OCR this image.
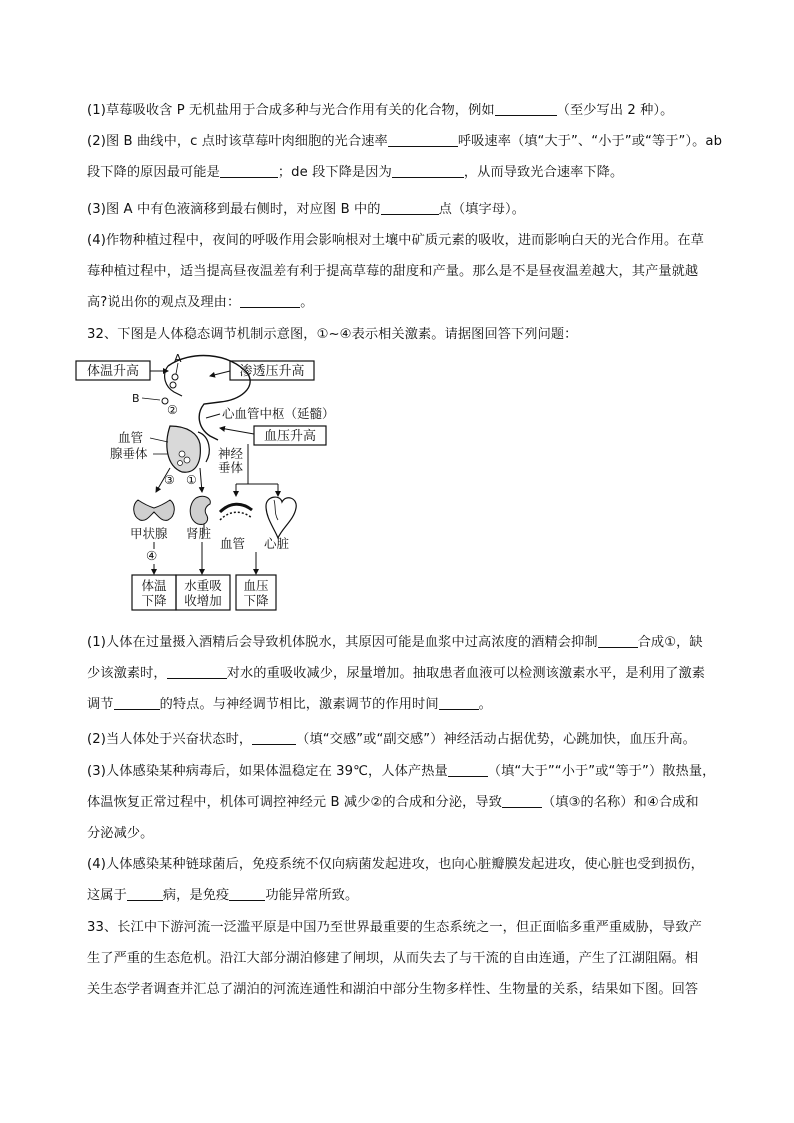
(1)草莓吸收含 P 无机盐用于合成多种与光合作用有关的化合物，例如	（至少写出 2 种）。
(2)图 B 曲线中，c 点时该草莓叶肉细胞的光合速率	呼吸速率（填“大于”、“小于”或“等于”）。ab
段下降的原因最可能是	；de 段下降是因为	，从而导致光合速率下降。
(3)图 A 中有色液滴移到最右侧时，对应图 B 中的	点（填字母）。
(4)作物种植过程中，夜间的呼吸作用会影响根对土壤中矿质元素的吸收，进而影响白天的光合作用。在草
莓种植过程中，适当提高昼夜温差有利于提高草莓的甜度和产量。那么是不是昼夜温差越大，其产量就越
高?说出你的观点及理由：	。
32、下图是人体稳态调节机制示意图，①~④表示相关激素。请据图回答下列问题：
体温升高	渗透压升高
A
B
②	心血管中枢（延髓）
血压升高
血管
腺垂体	神经
垂体
③ ①
甲状腺 肾脏
血管 心脏
④
体温
下降
水重吸
收增加
血压
下降
(1)人体在过量摄入酒精后会导致机体脱水，其原因可能是血浆中过高浓度的酒精会抑制	合成①，缺
少该激素时，	对水的重吸收减少，尿量增加。抽取患者血液可以检测该激素水平，是利用了激素
调节	的特点。与神经调节相比，激素调节的作用时间	。
(2)当人体处于兴奋状态时，	（填“交感”或“副交感”）神经活动占据优势，心跳加快，血压升高。
(3)人体感染某种病毒后，如果体温稳定在 39℃，人体产热量	（填“大于”“小于”或“等于”）散热量，
体温恢复正常过程中，机体可调控神经元 B 减少②的合成和分泌，导致	（填③的名称）和④合成和
分泌减少。
(4)人体感染某种链球菌后，免疫系统不仅向病菌发起进攻，也向心脏瓣膜发起进攻，使心脏也受到损伤，
这属于	病，是免疫	功能异常所致。
33、长江中下游河流一泛滥平原是中国乃至世界最重要的生态系统之一，但正面临多重严重威胁，导致产
生了严重的生态危机。沿江大部分湖泊修建了闸坝，从而失去了与干流的自由连通，产生了江湖阻隔。相
关生态学者调查并汇总了湖泊的河流连通性和湖泊中部分生物多样性、生物量的关系，结果如下图。回答
